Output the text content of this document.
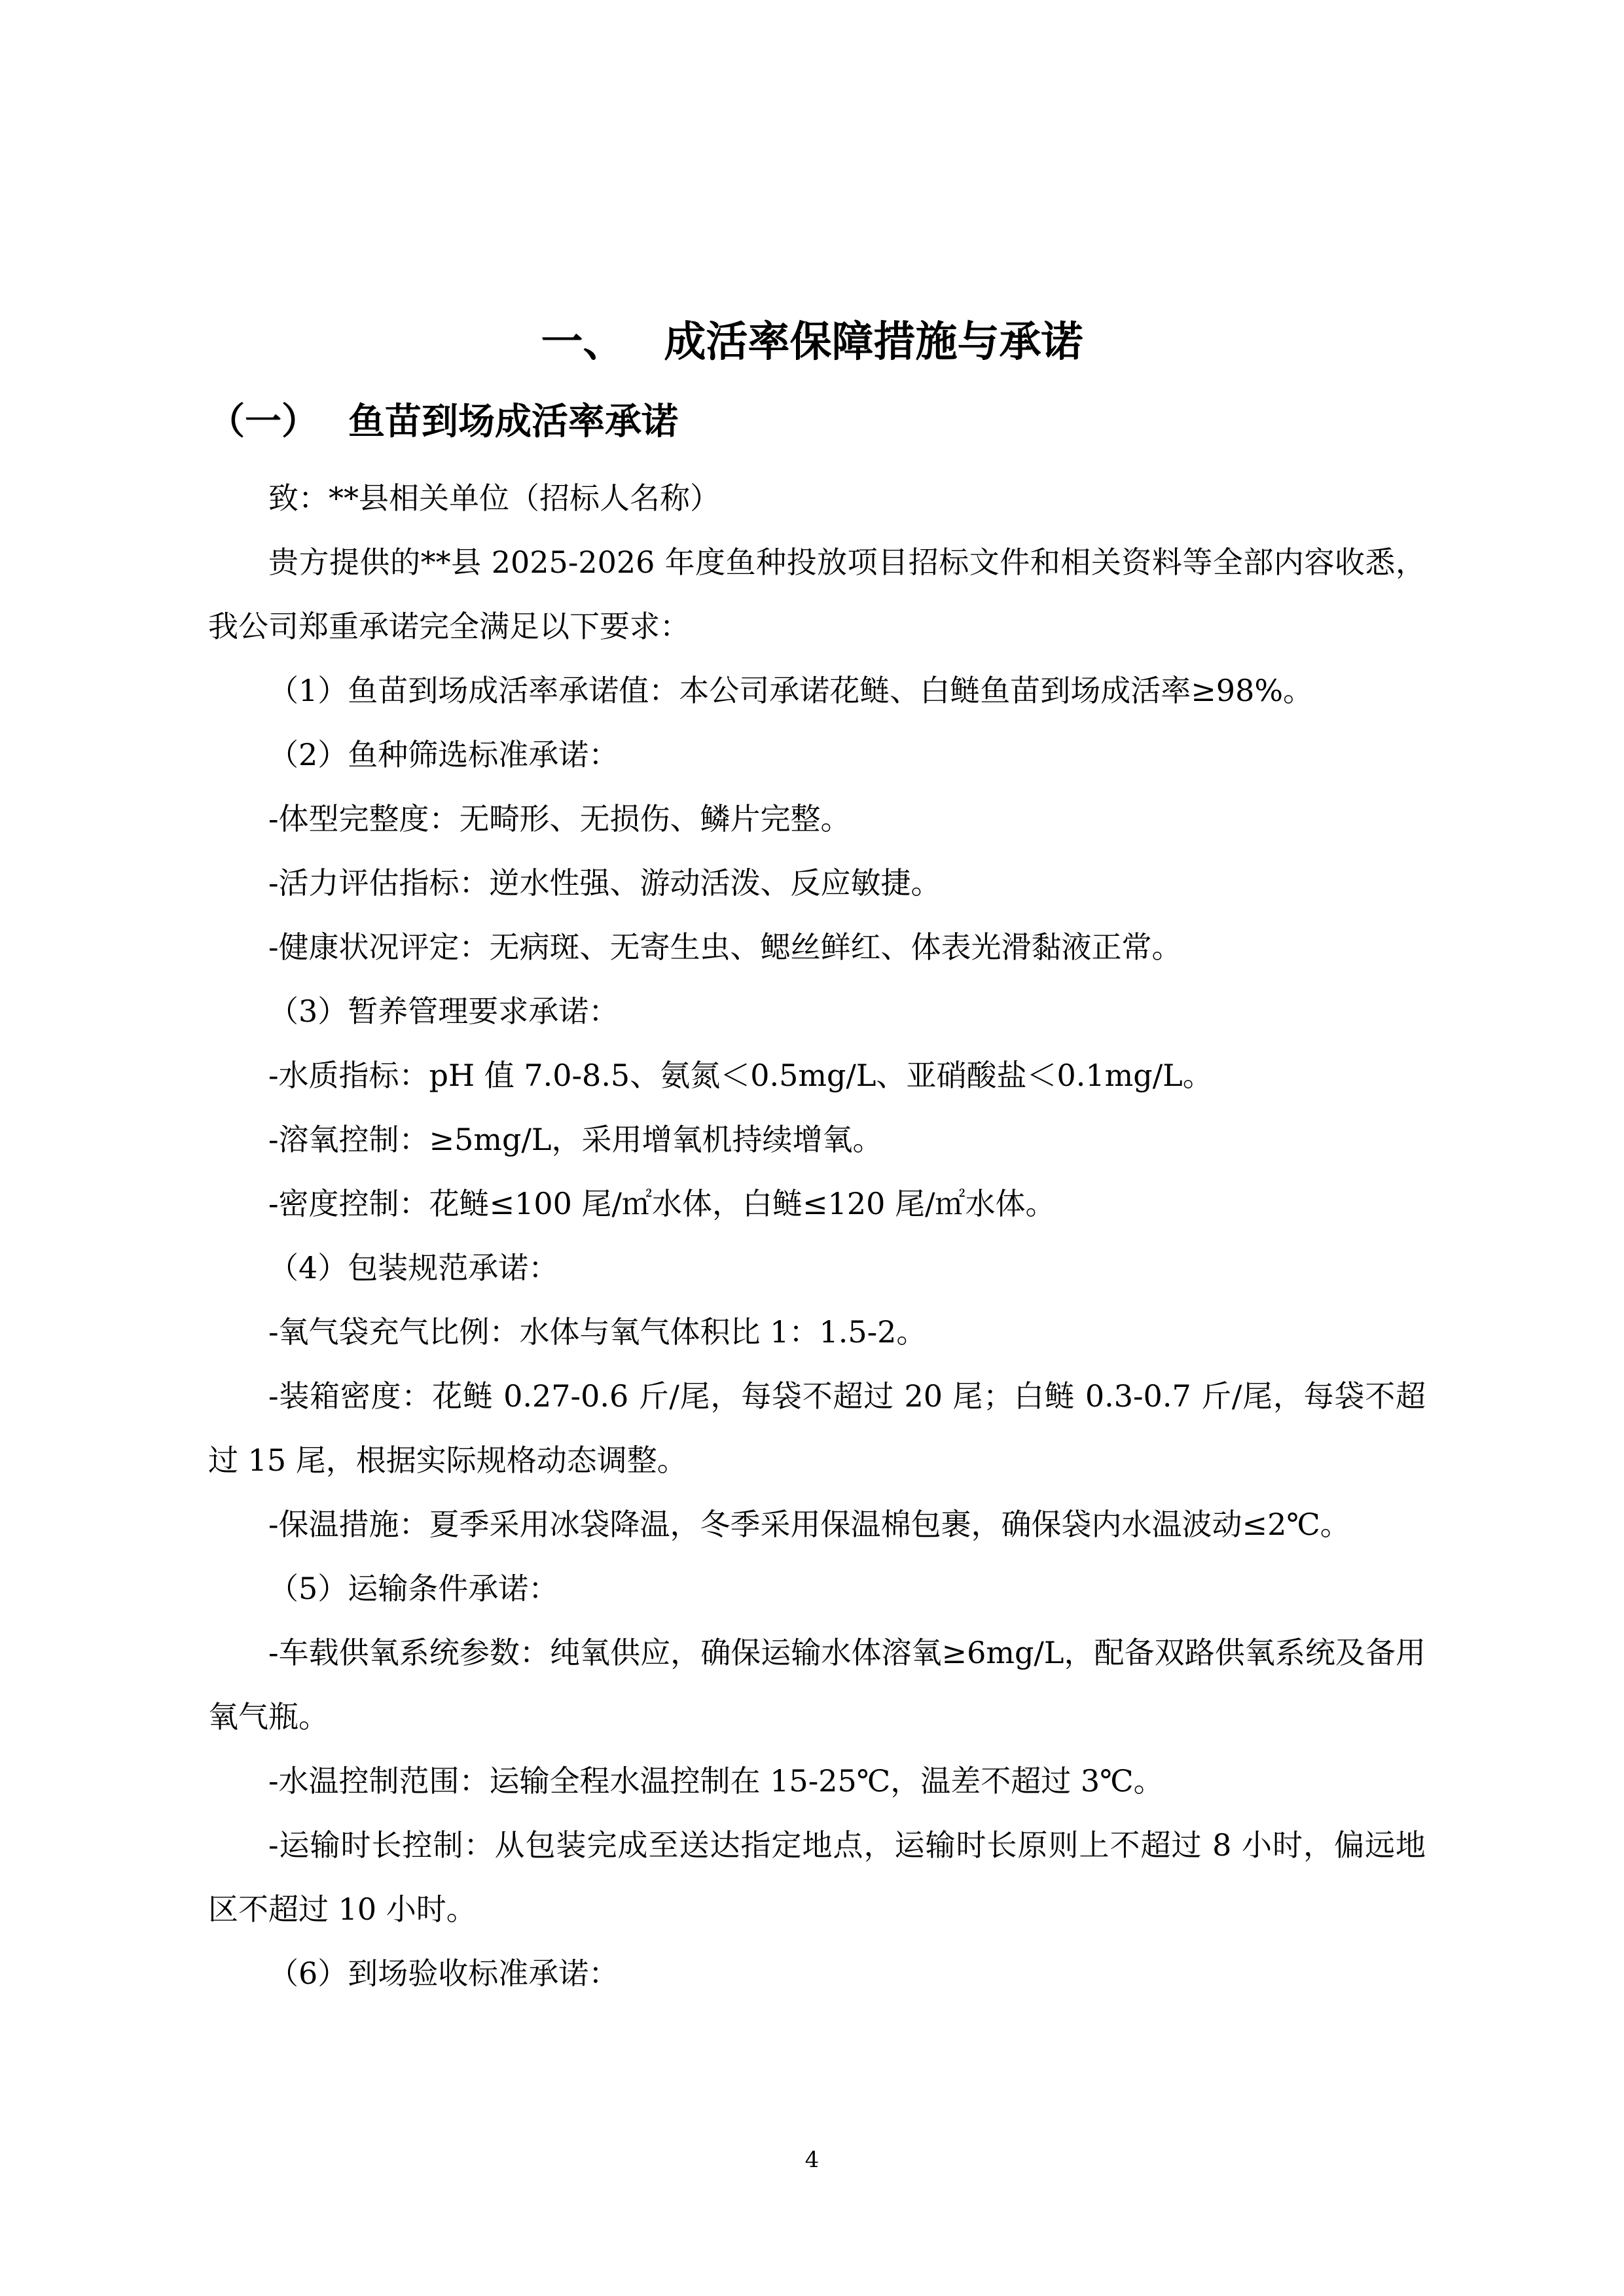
一、 成活率保障措施与承诺
（一） 鱼苗到场成活率承诺

致：**县相关单位（招标人名称）

贵方提供的**县 2025-2026 年度鱼种投放项目招标文件和相关资料等全部内容收悉，我公司郑重承诺完全满足以下要求：

（1）鱼苗到场成活率承诺值：本公司承诺花鲢、白鲢鱼苗到场成活率≥98%。

（2）鱼种筛选标准承诺：

-体型完整度：无畸形、无损伤、鳞片完整。

-活力评估指标：逆水性强、游动活泼、反应敏捷。

-健康状况评定：无病斑、无寄生虫、鳃丝鲜红、体表光滑黏液正常。

（3）暂养管理要求承诺：

-水质指标：pH 值 7.0-8.5、氨氮＜0.5mg/L、亚硝酸盐＜0.1mg/L。

-溶氧控制：≥5mg/L，采用增氧机持续增氧。

-密度控制：花鲢≤100 尾/㎡水体，白鲢≤120 尾/㎡水体。

（4）包装规范承诺：

-氧气袋充气比例：水体与氧气体积比 1：1.5-2。

-装箱密度：花鲢 0.27-0.6 斤/尾，每袋不超过 20 尾；白鲢 0.3-0.7 斤/尾，每袋不超过 15 尾，根据实际规格动态调整。

-保温措施：夏季采用冰袋降温，冬季采用保温棉包裹，确保袋内水温波动≤2℃。

（5）运输条件承诺：

-车载供氧系统参数：纯氧供应，确保运输水体溶氧≥6mg/L，配备双路供氧系统及备用氧气瓶。

-水温控制范围：运输全程水温控制在 15-25℃，温差不超过 3℃。

-运输时长控制：从包装完成至送达指定地点，运输时长原则上不超过 8 小时，偏远地区不超过 10 小时。

（6）到场验收标准承诺：

4
